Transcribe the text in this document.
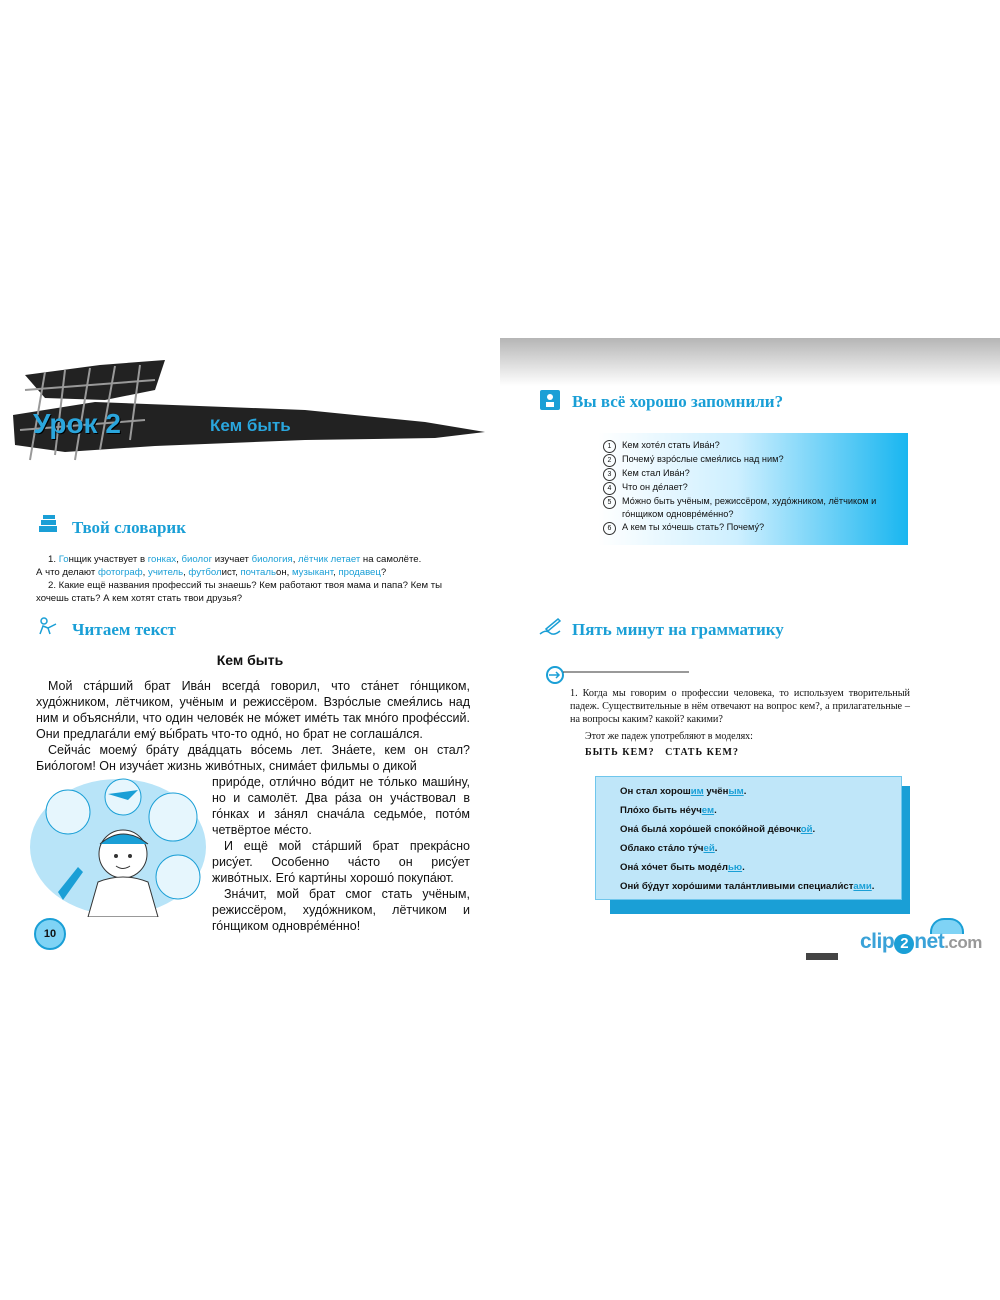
Урок 2	Кем быть
Твой словарик
1. Гонщик участвует в гонках, биолог изучает биология, лётчик летает на самолёте.
А что делают фотограф, учитель, футболист, почтальон, музыкант, продавец?
2. Какие ещё названия профессий ты знаешь? Кем работают твоя мама и папа? Кем ты хочешь стать? А кем хотят стать твои друзья?
Читаем текст
Кем быть
Мой ста́рший брат Ива́н всегда́ говорил, что ста́нет го́нщиком, худо́жником, лётчиком, учёным и режиссёром. Взро́слые смея́лись над ним и объясня́ли, что один челове́к не мо́жет име́ть так мно́го профе́ссий. Они предлага́ли ему́ вы́брать что-то одно́, но брат не соглаша́лся.
Сейча́с моему́ бра́ту два́дцать во́семь лет. Зна́ете, кем он стал? Био́логом! Он изуча́ет жизнь живо́тных, снима́ет фильмы о дикой
приро́де, отли́чно во́дит не то́лько маши́ну, но и самолёт. Два ра́за он уча́ствовал в го́нках и за́нял снача́ла седьмо́е, пото́м четвёртое ме́сто.
И ещё мой ста́рший брат прекра́сно рису́ет. Особенно ча́сто он рису́ет живо́тных. Его́ карти́ны хорошо́ покупа́ют.
Зна́чит, мой брат смог стать учёным, режиссёром, худо́жником, лётчиком и го́нщиком одновре́ме́нно!
10
Вы всё хорошо запомнили?
1	Кем хоте́л стать Ива́н?
2	Почему́ взро́слые смея́лись над ним?
3	Кем стал Ива́н?
4	Что он де́лает?
5	Мо́жно быть учёным, режиссёром, худо́жником, лётчиком и го́нщиком одновре́ме́нно?
6	А кем ты хо́чешь стать? Почему́?
Пять минут на грамматику
1. Когда мы говорим о профессии человека, то используем творительный падеж. Существительные в нём отвечают на вопрос кем?, а прилагательные – на вопросы каким? какой? какими?
Этот же падеж употребляют в моделях:
БЫТЬ КЕМ?   СТАТЬ КЕМ?
Он стал хорошим учёным.
Пло́хо быть не́учем.
Она́ была́ хоро́шей споко́йной де́вочкой.
Облако ста́ло ту́чей.
Она́ хо́чет быть моде́лью.
Они́ бу́дут хоро́шими тала́нтливыми специали́стами.
clip 2 net.com
